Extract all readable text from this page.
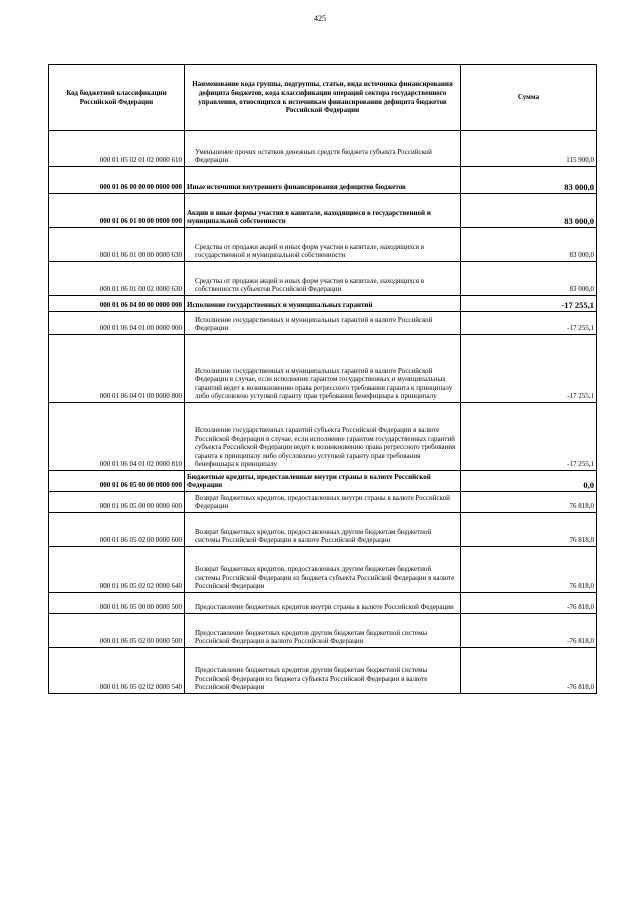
425
Код бюджетной классификации Российской Федерации	Наименование кода группы, подгруппы, статьи, вида источника финансирования дефицита бюджетов, кода классификации операций сектора государственного управления, относящихся к источникам финансирования дефицита бюджетов Российской Федерации	Сумма
000 01 05 02 01 02 0000 610	Уменьшение прочих остатков денежных средств бюджета субъекта Российской Федерации	115 900,0
000 01 06 00 00 00 0000 000	Иные источники внутреннего финансирования дефицитов бюджетов	83 000,0
000 01 06 01 00 00 0000 000	Акции и иные формы участия в капитале, находящиеся в государственной и муниципальной собственности	83 000,0
000 01 06 01 00 00 0000 630	Средства от продажи акций и иных форм участия в капитале, находящихся в государственной и муниципальной собственности	83 000,0
000 01 06 01 00 02 0000 630	Средства от продажи акций и иных форм участия в капитале, находящихся в собственности субъектов Российской Федерации	83 000,0
000 01 06 04 00 00 0000 000	Исполнение государственных и муниципальных гарантий	-17 255,1
000 01 06 04 01 00 0000 000	Исполнение государственных и муниципальных гарантий в валюте Российской Федерации	-17 255,1
000 01 06 04 01 00 0000 800	Исполнение государственных и муниципальных гарантий в валюте Российской Федерации в случае, если исполнение гарантом государственных и муниципальных гарантий ведет к возникновению права регрессного требования гаранта к принципалу либо обусловлено уступкой гаранту прав требования бенефициара к принципалу	-17 255,1
000 01 06 04 01 02 0000 810	Исполнение государственных гарантий субъекта Российской Федерации в валюте Российской Федерации в случае, если исполнение гарантом государственных гарантий субъекта Российской Федерации ведет к возникновению права регрессного требования гаранта к принципалу либо обусловлено уступкой гаранту прав требования бенефициара к принципалу	-17 255,1
000 01 06 05 00 00 0000 000	Бюджетные кредиты, предоставленные внутри страны в валюте Российской Федерации	0,0
000 01 06 05 00 00 0000 600	Возврат бюджетных кредитов, предоставленных внутри страны в валюте Российской Федерации	76 818,0
000 01 06 05 02 00 0000 600	Возврат бюджетных кредитов, предоставленных другим бюджетам бюджетной системы Российской Федерации в валюте Российской Федерации	76 818,0
000 01 06 05 02 02 0000 640	Возврат бюджетных кредитов, предоставленных другим бюджетам бюджетной системы Российской Федерации из бюджета субъекта Российской Федерации в валюте Российской Федерации	76 818,0
000 01 06 05 00 00 0000 500	Предоставление бюджетных кредитов внутри страны в валюте Российской Федерации	-76 818,0
000 01 06 05 02 00 0000 500	Предоставление бюджетных кредитов другим бюджетам бюджетной системы Российской Федерации в валюте Российской Федерации	-76 818,0
000 01 06 05 02 02 0000 540	Предоставление бюджетных кредитов другим бюджетам бюджетной системы Российской Федерации из бюджета субъекта Российской Федерации в валюте Российской Федерации	-76 818,0
